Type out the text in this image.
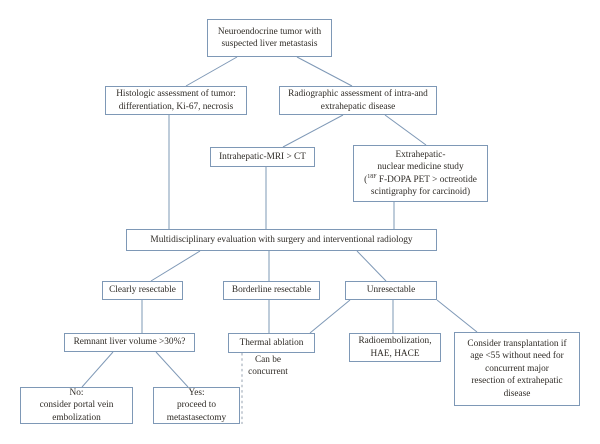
Neuroendocrine tumor with
suspected liver metastasis
Histologic assessment of tumor:
differentiation, Ki-67, necrosis
Radiographic assessment of intra-and
extrahepatic disease
Intrahepatic-MRI > CT	Extrahepatic-
nuclear medicine study
($^{18F}$ F-DOPA PET > octreotide
scintigraphy for carcinoid)
Multidisciplinary evaluation with surgery and interventional radiology
Clearly resectable	Borderline resectable	Unresectable
Remnant liver volume >30%?	Thermal ablation	Radioembolization,
HAE, HACE
Consider transplantation if
age <55 without need for
concurrent major
resection of extrahepatic
disease
No:
consider portal vein
embolization
Yes:
proceed to
metastasectomy
Can be
concurrent
